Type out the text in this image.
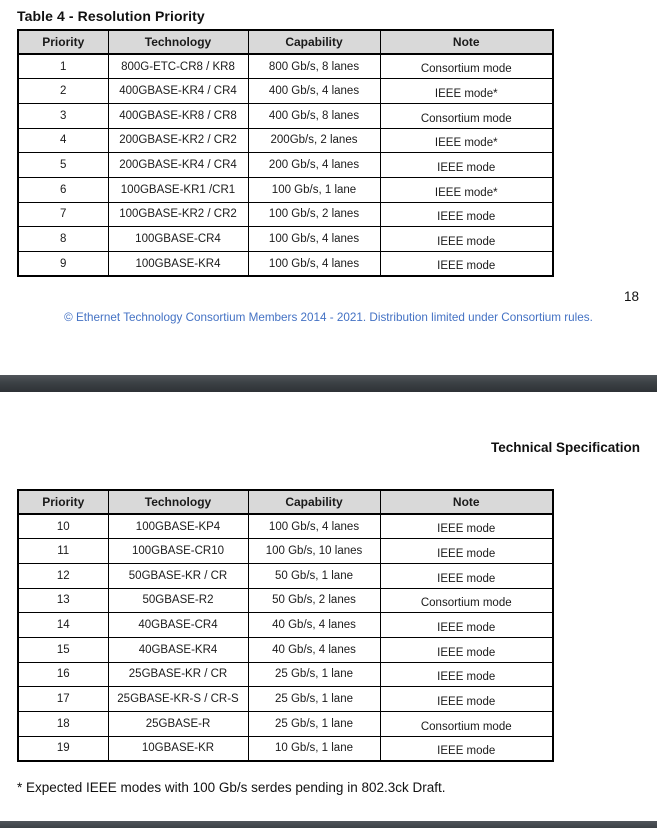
Table 4 - Resolution Priority
Priority	Technology	Capability	Note
1	800G-ETC-CR8 / KR8	800 Gb/s, 8 lanes	Consortium mode
2	400GBASE-KR4 / CR4	400 Gb/s, 4 lanes	IEEE mode*
3	400GBASE-KR8 / CR8	400 Gb/s, 8 lanes	Consortium mode
4	200GBASE-KR2 / CR2	200Gb/s, 2 lanes	IEEE mode*
5	200GBASE-KR4 / CR4	200 Gb/s, 4 lanes	IEEE mode
6	100GBASE-KR1 /CR1	100 Gb/s, 1 lane	IEEE mode*
7	100GBASE-KR2 / CR2	100 Gb/s, 2 lanes	IEEE mode
8	100GBASE-CR4	100 Gb/s, 4 lanes	IEEE mode
9	100GBASE-KR4	100 Gb/s, 4 lanes	IEEE mode
18
© Ethernet Technology Consortium Members 2014 - 2021. Distribution limited under Consortium rules.
Technical Specification
Priority	Technology	Capability	Note
10	100GBASE-KP4	100 Gb/s, 4 lanes	IEEE mode
11	100GBASE-CR10	100 Gb/s, 10 lanes	IEEE mode
12	50GBASE-KR / CR	50 Gb/s, 1 lane	IEEE mode
13	50GBASE-R2	50 Gb/s, 2 lanes	Consortium mode
14	40GBASE-CR4	40 Gb/s, 4 lanes	IEEE mode
15	40GBASE-KR4	40 Gb/s, 4 lanes	IEEE mode
16	25GBASE-KR / CR	25 Gb/s, 1 lane	IEEE mode
17	25GBASE-KR-S / CR-S	25 Gb/s, 1 lane	IEEE mode
18	25GBASE-R	25 Gb/s, 1 lane	Consortium mode
19	10GBASE-KR	10 Gb/s, 1 lane	IEEE mode
* Expected IEEE modes with 100 Gb/s serdes pending in 802.3ck Draft.
